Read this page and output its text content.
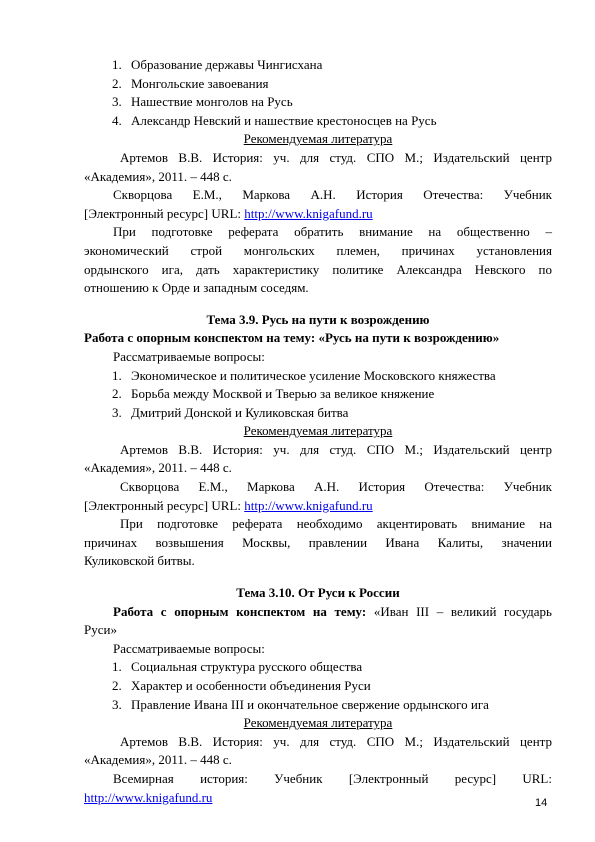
1. Образование державы Чингисхана
2. Монгольские завоевания
3. Нашествие монголов на Русь
4. Александр Невский и нашествие крестоносцев на Русь

Рекомендуемая литература

Артемов В.В. История: уч. для студ. СПО М.; Издательский центр

«Академия», 2011. – 448 с.

Скворцова Е.М., Маркова А.Н. История Отечества: Учебник

[Электронный ресурс] URL: http://www.knigafund.ru

При подготовке реферата обратить внимание на общественно –

экономический строй монгольских племен, причинах установления

ордынского ига, дать характеристику политике Александра Невского по

отношению к Орде и западным соседям.

Тема 3.9. Русь на пути к возрождению

Работа с опорным конспектом на тему: «Русь на пути к возрождению»

Рассматриваемые вопросы:

1. Экономическое и политическое усиление Московского княжества
2. Борьба между Москвой и Тверью за великое княжение
3. Дмитрий Донской и Куликовская битва

Рекомендуемая литература

Артемов В.В. История: уч. для студ. СПО М.; Издательский центр

«Академия», 2011. – 448 с.

Скворцова Е.М., Маркова А.Н. История Отечества: Учебник

[Электронный ресурс] URL: http://www.knigafund.ru

При подготовке реферата необходимо акцентировать внимание на

причинах возвышения Москвы, правлении Ивана Калиты, значении

Куликовской битвы.

Тема 3.10. От Руси к России

Работа с опорным конспектом на тему: «Иван III – великий государь

Руси»

Рассматриваемые вопросы:

1. Социальная структура русского общества
2. Характер и особенности объединения Руси
3. Правление Ивана III и окончательное свержение ордынского ига

Рекомендуемая литература

Артемов В.В. История: уч. для студ. СПО М.; Издательский центр

«Академия», 2011. – 448 с.

Всемирная история: Учебник [Электронный ресурс] URL:

http://www.knigafund.ru	14
